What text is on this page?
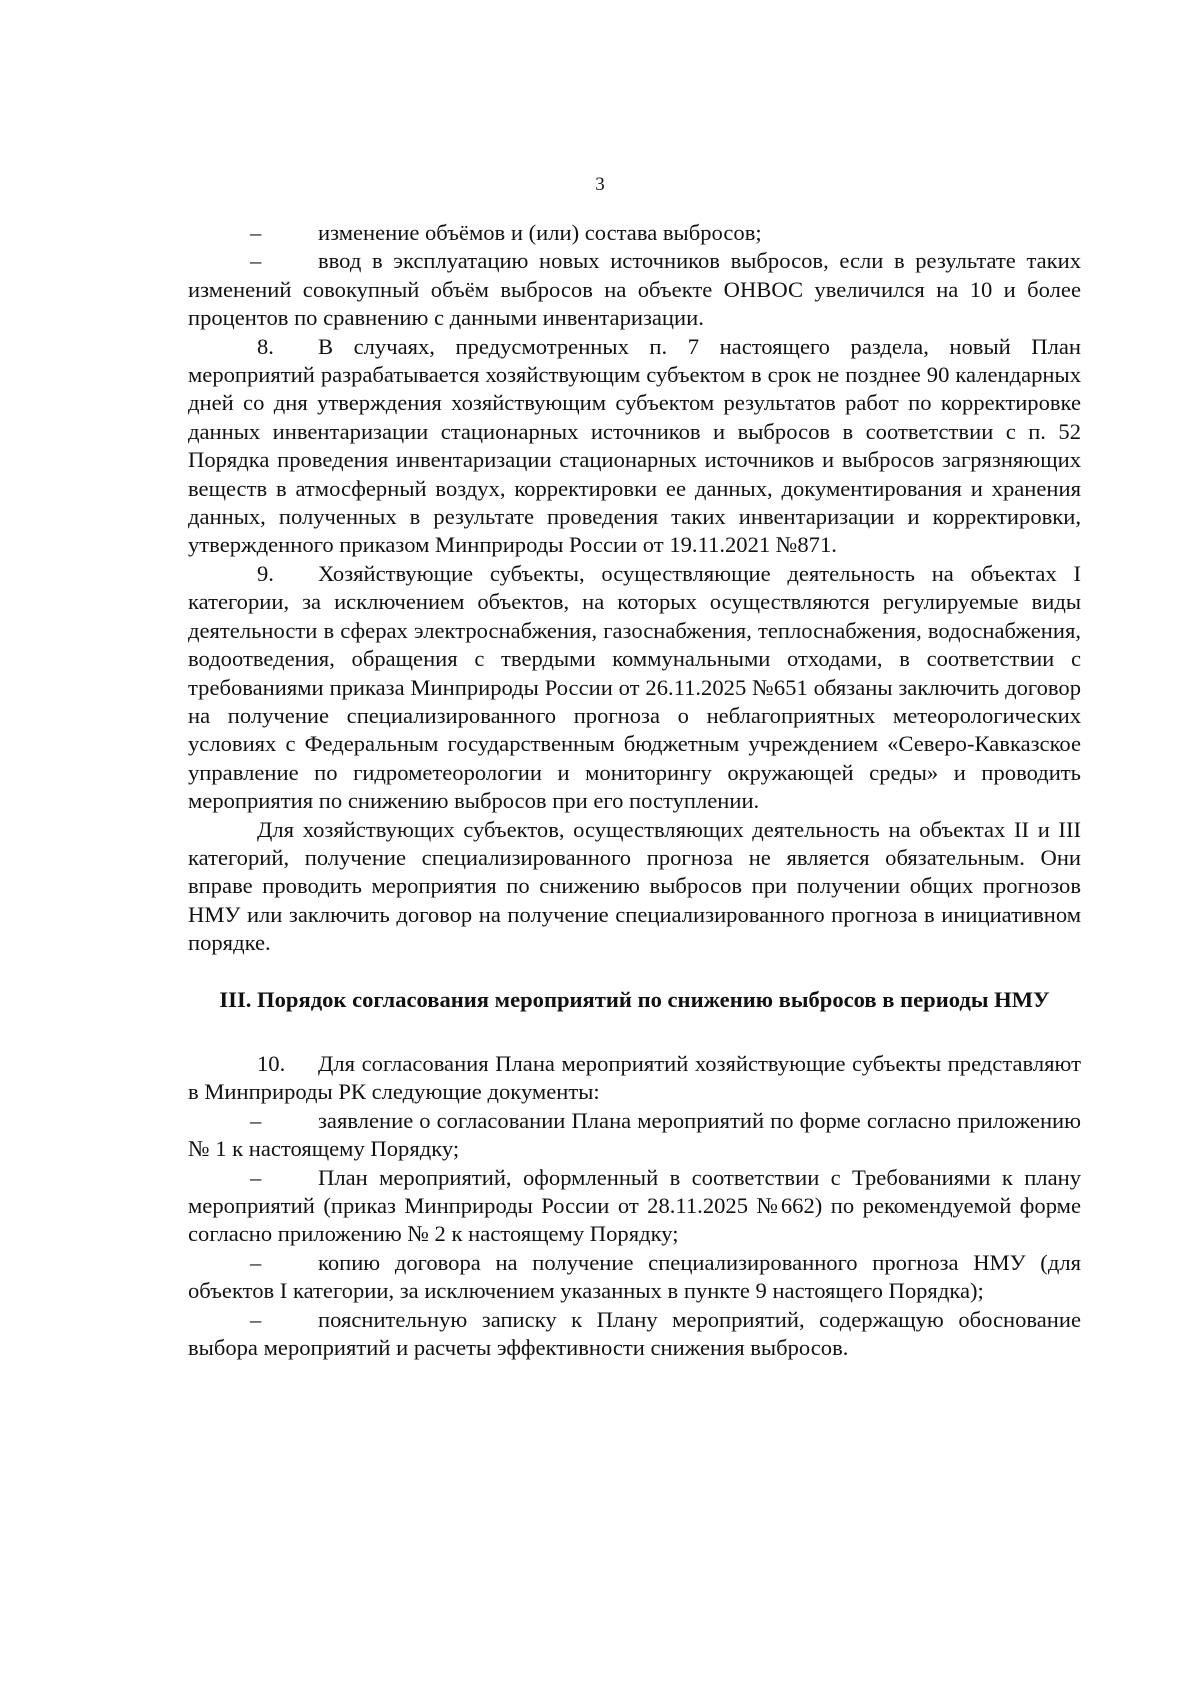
3

–	изменение объёмов и (или) состава выбросов;

–	ввод в эксплуатацию новых источников выбросов, если в результате таких изменений совокупный объём выбросов на объекте ОНВОС увеличился на 10 и более процентов по сравнению с данными инвентаризации.

8. В случаях, предусмотренных п. 7 настоящего раздела, новый План мероприятий разрабатывается хозяйствующим субъектом в срок не позднее 90 календарных дней со дня утверждения хозяйствующим субъектом результатов работ по корректировке данных инвентаризации стационарных источников и выбросов в соответствии с п. 52 Порядка проведения инвентаризации стационарных источников и выбросов загрязняющих веществ в атмосферный воздух, корректировки ее данных, документирования и хранения данных, полученных в результате проведения таких инвентаризации и корректировки, утвержденного приказом Минприроды России от 19.11.2021 №871.

9. Хозяйствующие субъекты, осуществляющие деятельность на объектах I категории, за исключением объектов, на которых осуществляются регулируемые виды деятельности в сферах электроснабжения, газоснабжения, теплоснабжения, водоснабжения, водоотведения, обращения с твердыми коммунальными отходами, в соответствии с требованиями приказа Минприроды России от 26.11.2025 №651 обязаны заключить договор на получение специализированного прогноза о неблагоприятных метеорологических условиях с Федеральным государственным бюджетным учреждением «Северо-Кавказское управление по гидрометеорологии и мониторингу окружающей среды» и проводить мероприятия по снижению выбросов при его поступлении.

Для хозяйствующих субъектов, осуществляющих деятельность на объектах II и III категорий, получение специализированного прогноза не является обязательным. Они вправе проводить мероприятия по снижению выбросов при получении общих прогнозов НМУ или заключить договор на получение специализированного прогноза в инициативном порядке.

III. Порядок согласования мероприятий по снижению выбросов в периоды НМУ

10. Для согласования Плана мероприятий хозяйствующие субъекты представляют в Минприроды РК следующие документы:

–	заявление о согласовании Плана мероприятий по форме согласно приложению № 1 к настоящему Порядку;

–	План мероприятий, оформленный в соответствии с Требованиями к плану мероприятий (приказ Минприроды России от 28.11.2025 №662) по рекомендуемой форме согласно приложению № 2 к настоящему Порядку;

–	копию договора на получение специализированного прогноза НМУ (для объектов I категории, за исключением указанных в пункте 9 настоящего Порядка);

–	пояснительную записку к Плану мероприятий, содержащую обоснование выбора мероприятий и расчеты эффективности снижения выбросов.
